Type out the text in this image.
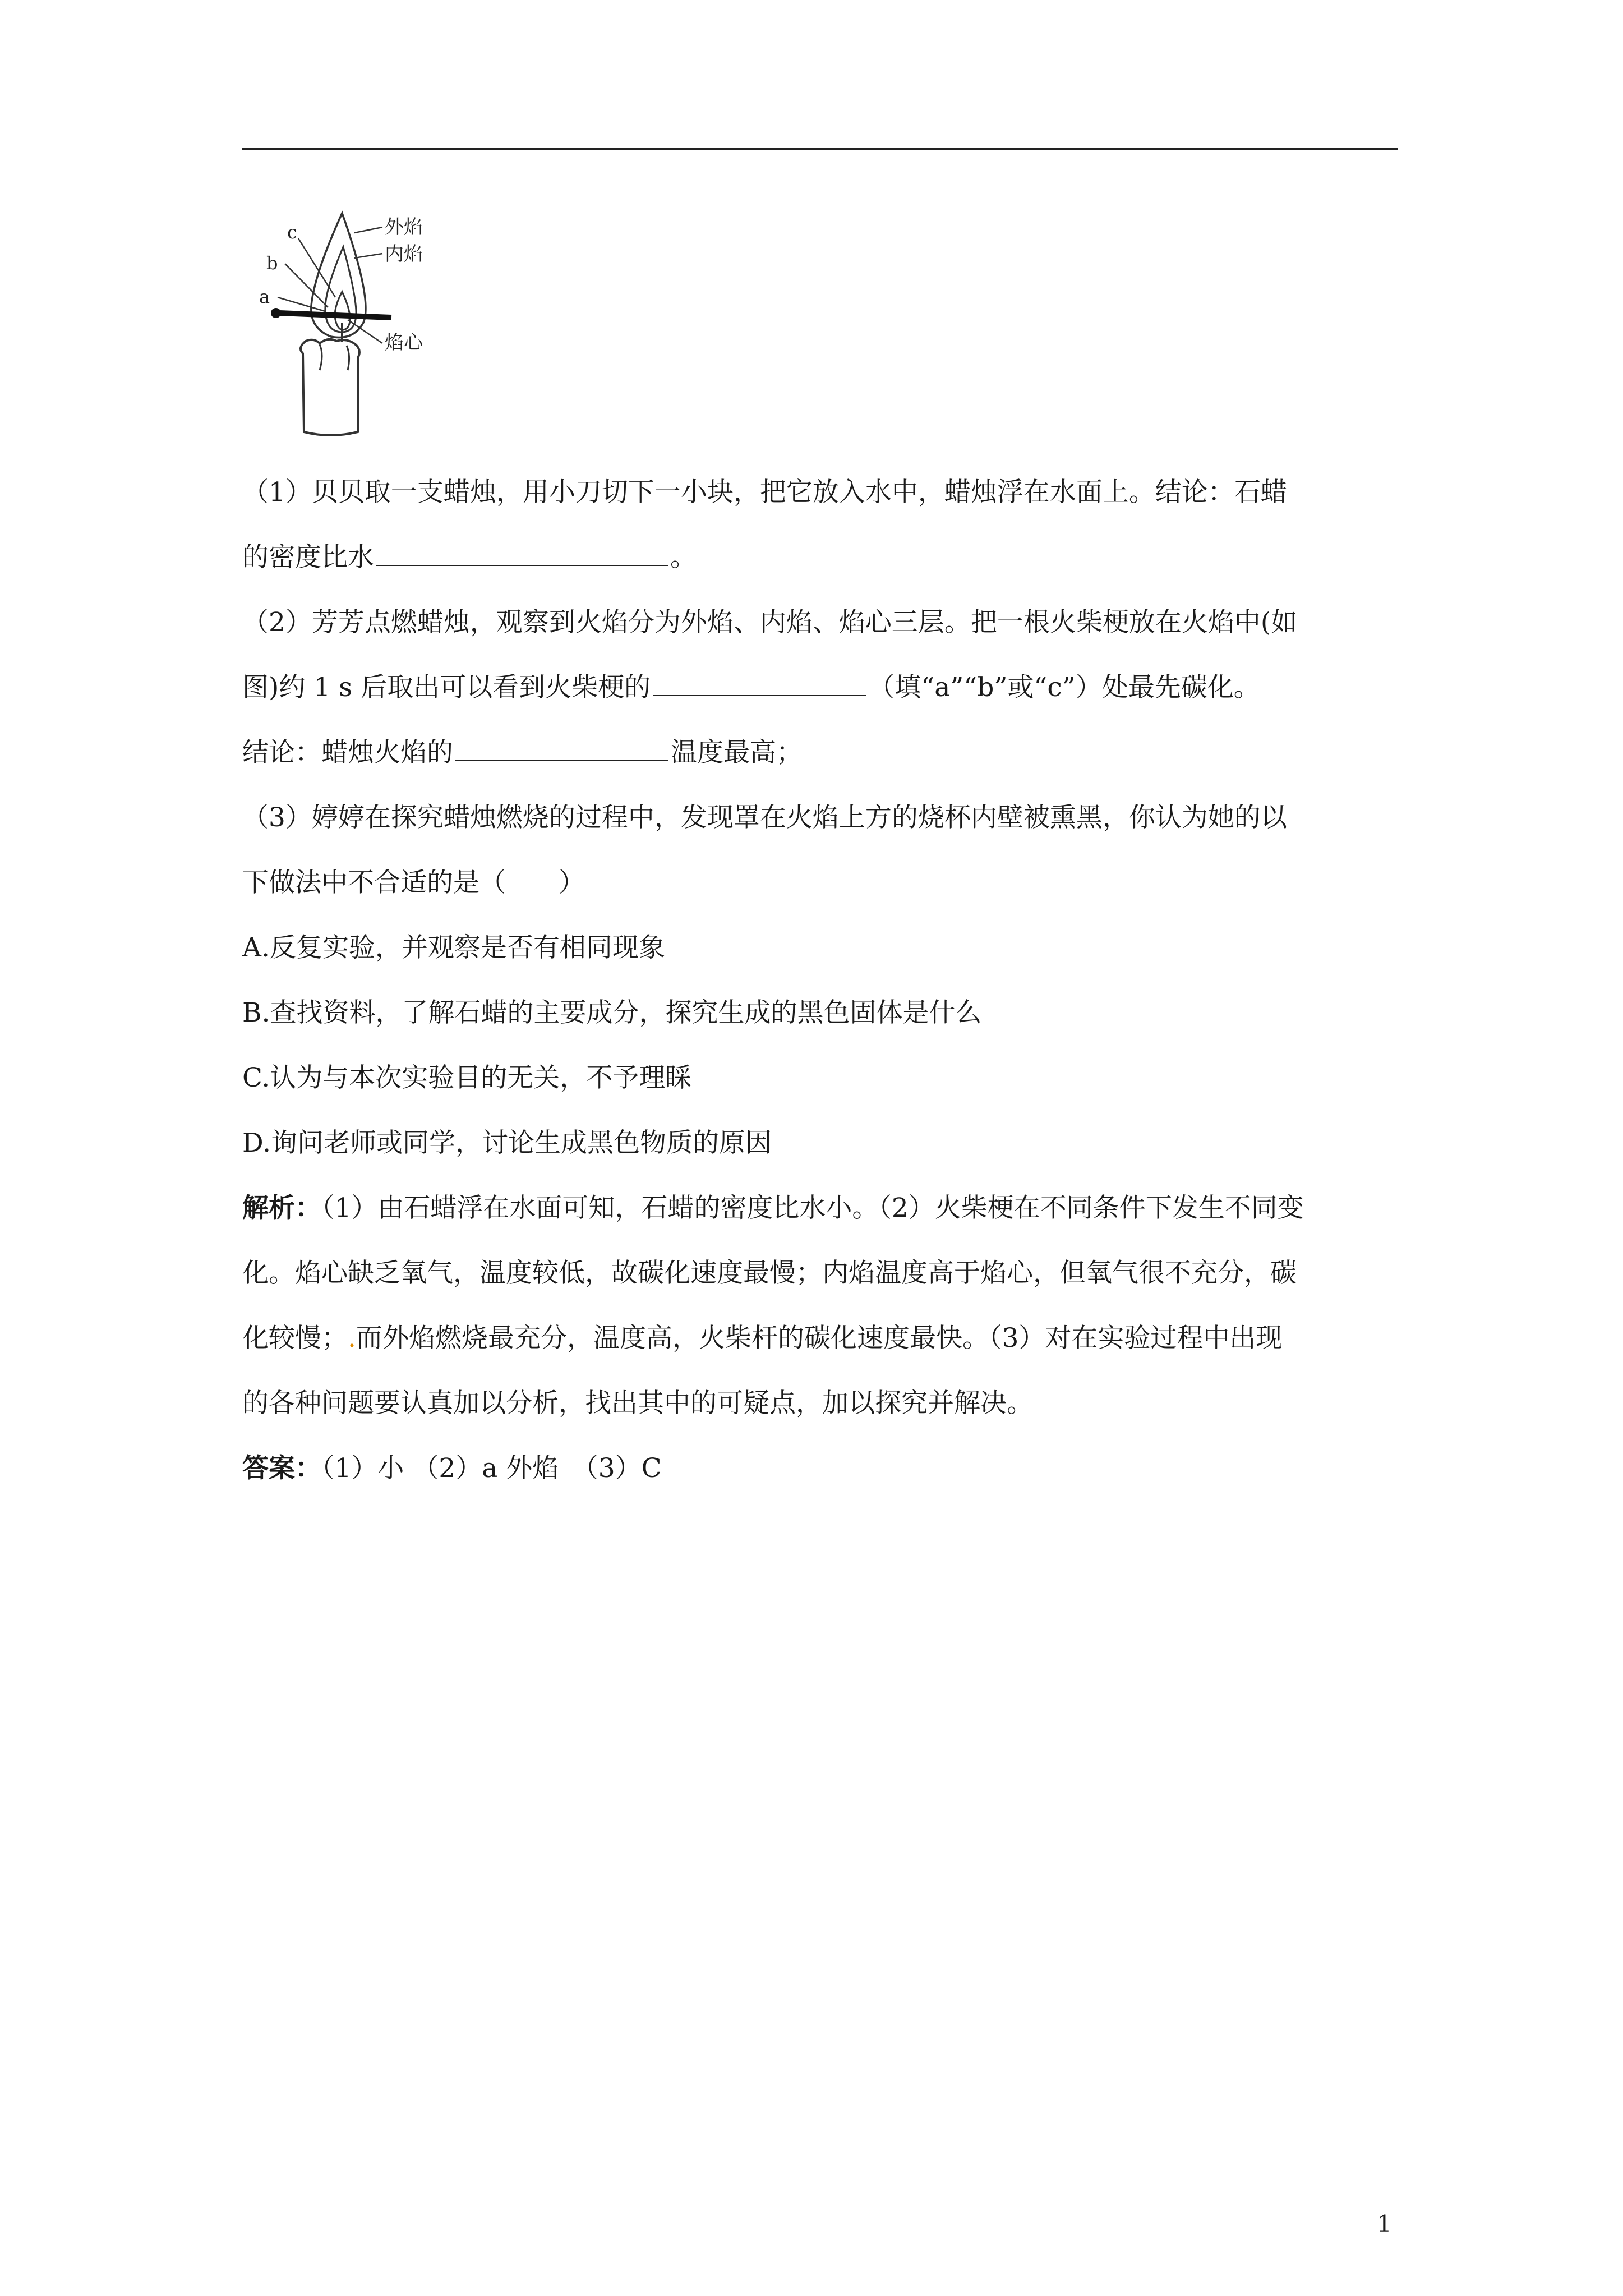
外焰
内焰
焰心
a
b
c

（1）贝贝取一支蜡烛，用小刀切下一小块，把它放入水中，蜡烛浮在水面上。结论：石蜡

的密度比水	。

（2）芳芳点燃蜡烛，观察到火焰分为外焰、内焰、焰心三层。把一根火柴梗放在火焰中(如

图)约 1 s 后取出可以看到火柴梗的	（填“a”“b”或“c”）处最先碳化。

结论：蜡烛火焰的	温度最高；

（3）婷婷在探究蜡烛燃烧的过程中，发现罩在火焰上方的烧杯内壁被熏黑，你认为她的以

下做法中不合适的是（　　）

A.反复实验，并观察是否有相同现象

B.查找资料，了解石蜡的主要成分，探究生成的黑色固体是什么

C.认为与本次实验目的无关，不予理睬

D.询问老师或同学，讨论生成黑色物质的原因

解析：（1）由石蜡浮在水面可知，石蜡的密度比水小。（2）火柴梗在不同条件下发生不同变

化。焰心缺乏氧气，温度较低，故碳化速度最慢；内焰温度高于焰心，但氧气很不充分，碳

化较慢；.而外焰燃烧最充分，温度高，火柴杆的碳化速度最快。（3）对在实验过程中出现

的各种问题要认真加以分析，找出其中的可疑点，加以探究并解决。

答案：（1）小 （2）a 外焰　（3）C

1
